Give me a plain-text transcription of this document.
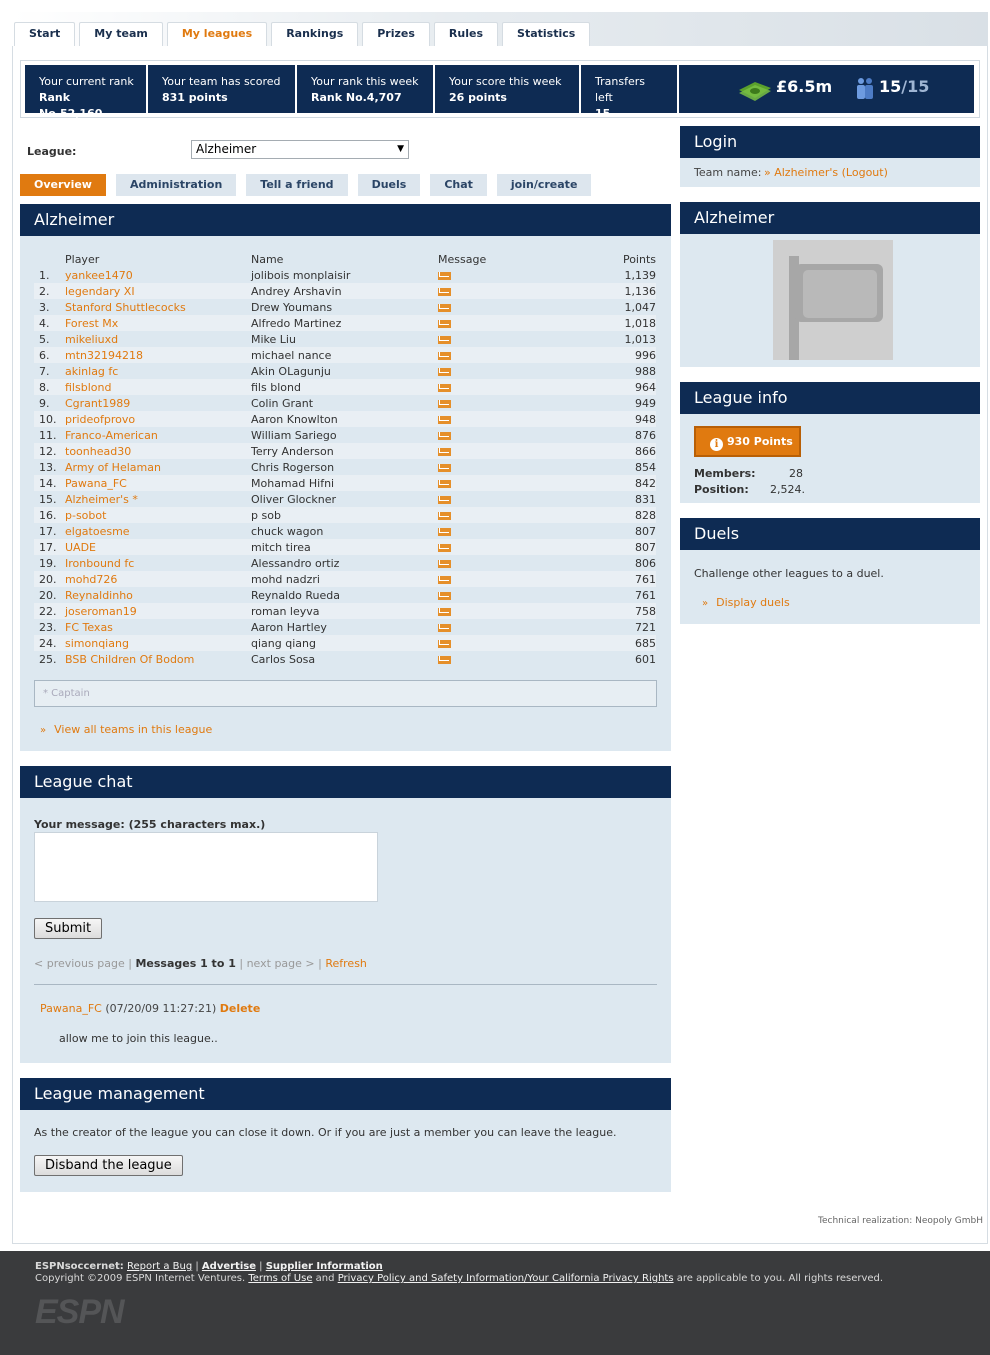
Start	My team	My leagues	Rankings	Prizes	Rules	Statistics
Your current rank
Rank No.52,160
Your team has scored
831 points
Your rank this week
Rank No.4,707
Your score this week
26 points
Transfers left
15
£6.5m	15/15
League:	Alzheimer	▼
Overview	Administration	Tell a friend	Duels	Chat	join/create
Alzheimer
	Player	Name	Message	Points
1.	yankee1470	jolibois monplaisir		1,139
2.	legendary XI	Andrey Arshavin		1,136
3.	Stanford Shuttlecocks	Drew Youmans		1,047
4.	Forest Mx	Alfredo Martinez		1,018
5.	mikeliuxd	Mike Liu		1,013
6.	mtn32194218	michael nance		996
7.	akinlag fc	Akin OLagunju		988
8.	filsblond	fils blond		964
9.	Cgrant1989	Colin Grant		949
10.	prideofprovo	Aaron Knowlton		948
11.	Franco-American	William Sariego		876
12.	toonhead30	Terry Anderson		866
13.	Army of Helaman	Chris Rogerson		854
14.	Pawana_FC	Mohamad Hifni		842
15.	Alzheimer's *	Oliver Glockner		831
16.	p-sobot	p sob		828
17.	elgatoesme	chuck wagon		807
17.	UADE	mitch tirea		807
19.	Ironbound fc	Alessandro ortiz		806
20.	mohd726	mohd nadzri		761
20.	Reynaldinho	Reynaldo Rueda		761
22.	joseroman19	roman leyva		758
23.	FC Texas	Aaron Hartley		721
24.	simonqiang	qiang qiang		685
25.	BSB Children Of Bodom	Carlos Sosa		601
* Captain
» View all teams in this league
League chat
Your message: (255 characters max.)
Submit
< previous page | Messages 1 to 1 | next page > | Refresh
Pawana_FC (07/20/09 11:27:21) Delete
allow me to join this league..
League management
As the creator of the league you can close it down. Or if you are just a member you can leave the league.
Disband the league
Login
Team name: » Alzheimer's (Logout)
Alzheimer
League info
i 930 Points
Members:	28
Position: 2,524.
Duels
Challenge other leagues to a duel.
» Display duels
Technical realization: Neopoly GmbH
ESPNsoccernet: Report a Bug | Advertise | Supplier Information
Copyright ©2009 ESPN Internet Ventures. Terms of Use and Privacy Policy and Safety Information/Your California Privacy Rights are applicable to you. All rights reserved.
ESPN
